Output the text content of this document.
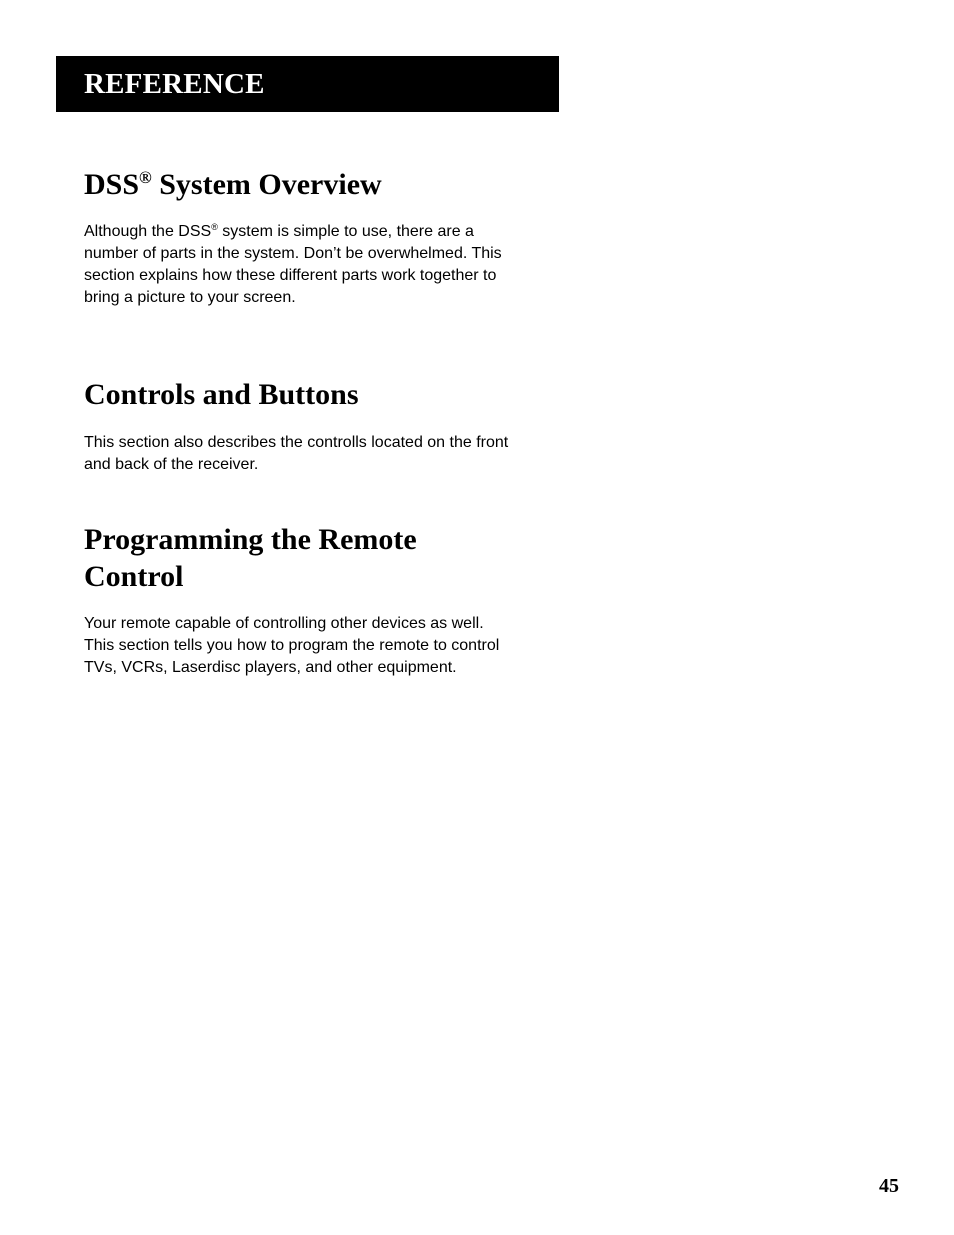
REFERENCE
DSS® System Overview

Although the DSS® system is simple to use, there are a number of parts in the system. Don’t be overwhelmed. This section explains how these different parts work together to bring a picture to your screen.

Controls and Buttons

This section also describes the controlls located on the front and back of the receiver.

Programming the Remote Control

Your remote capable of controlling other devices as well. This section tells you how to program the remote to control TVs, VCRs, Laserdisc players, and other equipment.

45
